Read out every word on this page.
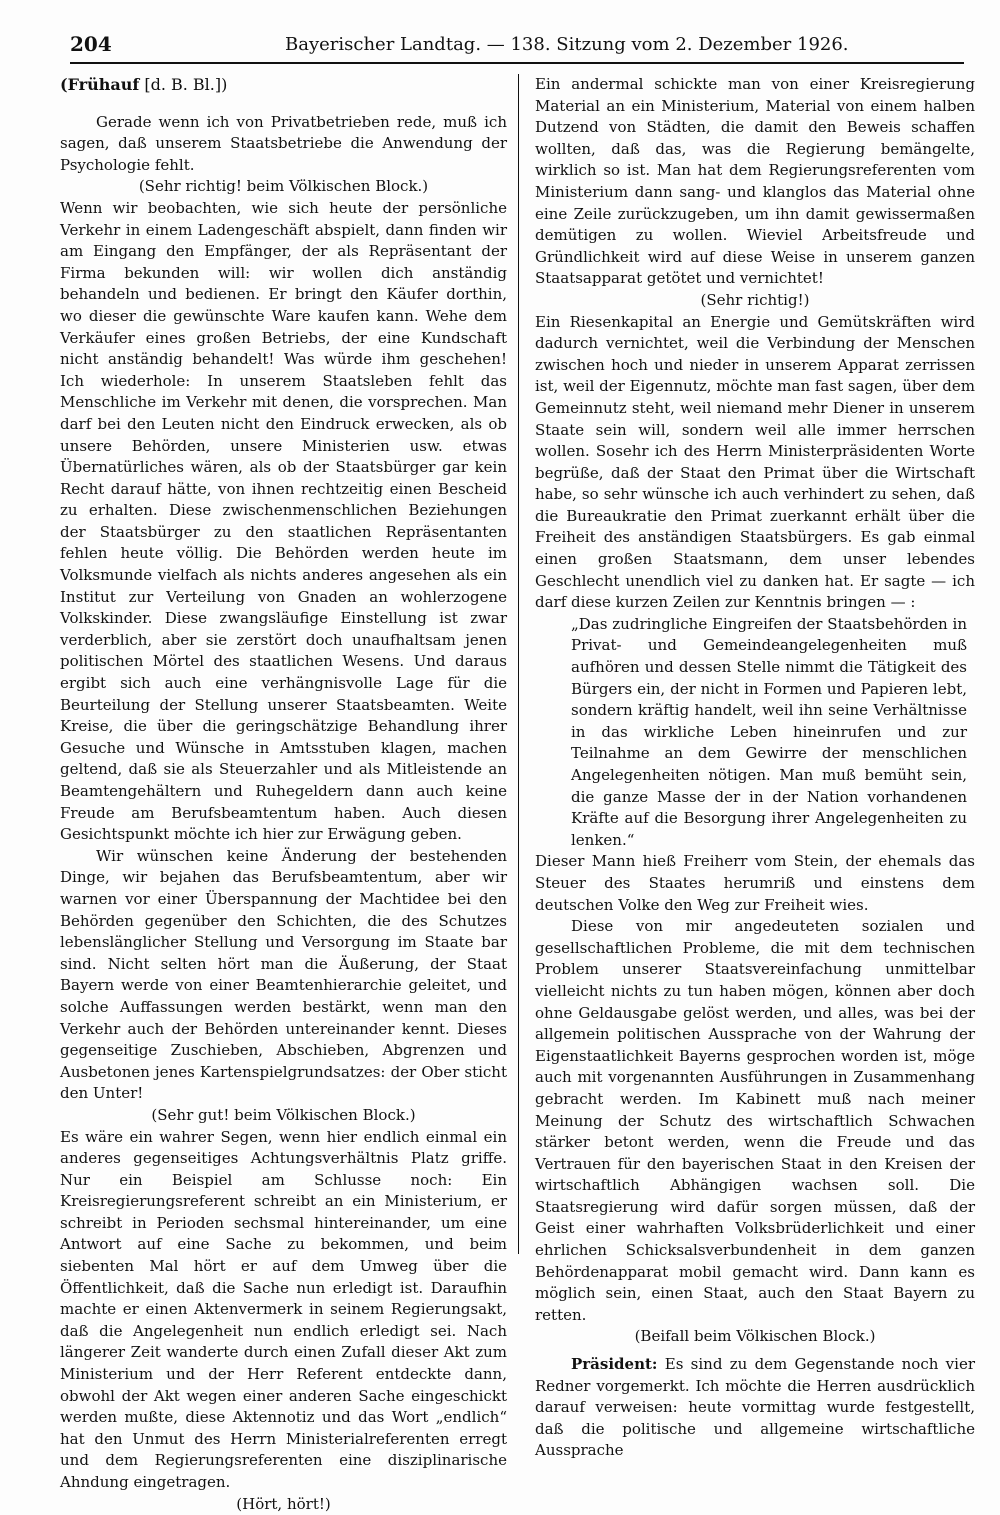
204	Bayerischer Landtag. — 138. Sitzung vom 2. Dezember 1926.
(Frühauf [d. B. Bl.])

Gerade wenn ich von Privatbetrieben rede, muß ich sagen, daß unserem Staatsbetriebe die Anwendung der Psychologie fehlt.

(Sehr richtig! beim Völkischen Block.)

Wenn wir beobachten, wie sich heute der persönliche Verkehr in einem Ladengeschäft abspielt, dann finden wir am Eingang den Empfänger, der als Repräsentant der Firma bekunden will: wir wollen dich anständig behandeln und bedienen. Er bringt den Käufer dorthin, wo dieser die gewünschte Ware kaufen kann. Wehe dem Verkäufer eines großen Betriebs, der eine Kundschaft nicht anständig behandelt! Was würde ihm geschehen! Ich wiederhole: In unserem Staatsleben fehlt das Menschliche im Verkehr mit denen, die vorsprechen. Man darf bei den Leuten nicht den Eindruck erwecken, als ob unsere Behörden, unsere Ministerien usw. etwas Übernatürliches wären, als ob der Staatsbürger gar kein Recht darauf hätte, von ihnen rechtzeitig einen Bescheid zu erhalten. Diese zwischenmenschlichen Beziehungen der Staatsbürger zu den staatlichen Repräsentanten fehlen heute völlig. Die Behörden werden heute im Volksmunde vielfach als nichts anderes angesehen als ein Institut zur Verteilung von Gnaden an wohlerzogene Volkskinder. Diese zwangsläufige Einstellung ist zwar verderblich, aber sie zerstört doch unaufhaltsam jenen politischen Mörtel des staatlichen Wesens. Und daraus ergibt sich auch eine verhängnisvolle Lage für die Beurteilung der Stellung unserer Staatsbeamten. Weite Kreise, die über die geringschätzige Behandlung ihrer Gesuche und Wünsche in Amtsstuben klagen, machen geltend, daß sie als Steuerzahler und als Mitleistende an Beamtengehältern und Ruhegeldern dann auch keine Freude am Berufsbeamtentum haben. Auch diesen Gesichtspunkt möchte ich hier zur Erwägung geben.

Wir wünschen keine Änderung der bestehenden Dinge, wir bejahen das Berufsbeamtentum, aber wir warnen vor einer Überspannung der Machtidee bei den Behörden gegenüber den Schichten, die des Schutzes lebenslänglicher Stellung und Versorgung im Staate bar sind. Nicht selten hört man die Äußerung, der Staat Bayern werde von einer Beamtenhierarchie geleitet, und solche Auffassungen werden bestärkt, wenn man den Verkehr auch der Behörden untereinander kennt. Dieses gegenseitige Zuschieben, Abschieben, Abgrenzen und Ausbetonen jenes Kartenspielgrundsatzes: der Ober sticht den Unter!

(Sehr gut! beim Völkischen Block.)

Es wäre ein wahrer Segen, wenn hier endlich einmal ein anderes gegenseitiges Achtungsverhältnis Platz griffe. Nur ein Beispiel am Schlusse noch: Ein Kreisregierungsreferent schreibt an ein Ministerium, er schreibt in Perioden sechsmal hintereinander, um eine Antwort auf eine Sache zu bekommen, und beim siebenten Mal hört er auf dem Umweg über die Öffentlichkeit, daß die Sache nun erledigt ist. Daraufhin machte er einen Aktenvermerk in seinem Regierungsakt, daß die Angelegenheit nun endlich erledigt sei. Nach längerer Zeit wanderte durch einen Zufall dieser Akt zum Ministerium und der Herr Referent entdeckte dann, obwohl der Akt wegen einer anderen Sache eingeschickt werden mußte, diese Aktennotiz und das Wort „endlich“ hat den Unmut des Herrn Ministerialreferenten erregt und dem Regierungsreferenten eine disziplinarische Ahndung eingetragen.

(Hört, hört!)

Ein andermal schickte man von einer Kreisregierung Material an ein Ministerium, Material von einem halben Dutzend von Städten, die damit den Beweis schaffen wollten, daß das, was die Regierung bemängelte, wirklich so ist. Man hat dem Regierungsreferenten vom Ministerium dann sang- und klanglos das Material ohne eine Zeile zurückzugeben, um ihn damit gewissermaßen demütigen zu wollen. Wieviel Arbeitsfreude und Gründlichkeit wird auf diese Weise in unserem ganzen Staatsapparat getötet und vernichtet!

(Sehr richtig!)

Ein Riesenkapital an Energie und Gemütskräften wird dadurch vernichtet, weil die Verbindung der Menschen zwischen hoch und nieder in unserem Apparat zerrissen ist, weil der Eigennutz, möchte man fast sagen, über dem Gemeinnutz steht, weil niemand mehr Diener in unserem Staate sein will, sondern weil alle immer herrschen wollen. Sosehr ich des Herrn Ministerpräsidenten Worte begrüße, daß der Staat den Primat über die Wirtschaft habe, so sehr wünsche ich auch verhindert zu sehen, daß die Bureaukratie den Primat zuerkannt erhält über die Freiheit des anständigen Staatsbürgers. Es gab einmal einen großen Staatsmann, dem unser lebendes Geschlecht unendlich viel zu danken hat. Er sagte — ich darf diese kurzen Zeilen zur Kenntnis bringen — :

„Das zudringliche Eingreifen der Staatsbehörden in Privat- und Gemeindeangelegenheiten muß aufhören und dessen Stelle nimmt die Tätigkeit des Bürgers ein, der nicht in Formen und Papieren lebt, sondern kräftig handelt, weil ihn seine Verhältnisse in das wirkliche Leben hineinrufen und zur Teilnahme an dem Gewirre der menschlichen Angelegenheiten nötigen. Man muß bemüht sein, die ganze Masse der in der Nation vorhandenen Kräfte auf die Besorgung ihrer Angelegenheiten zu lenken.“

Dieser Mann hieß Freiherr vom Stein, der ehemals das Steuer des Staates herumriß und einstens dem deutschen Volke den Weg zur Freiheit wies.

Diese von mir angedeuteten sozialen und gesellschaftlichen Probleme, die mit dem technischen Problem unserer Staatsvereinfachung unmittelbar vielleicht nichts zu tun haben mögen, können aber doch ohne Geldausgabe gelöst werden, und alles, was bei der allgemein politischen Aussprache von der Wahrung der Eigenstaatlichkeit Bayerns gesprochen worden ist, möge auch mit vorgenannten Ausführungen in Zusammenhang gebracht werden. Im Kabinett muß nach meiner Meinung der Schutz des wirtschaftlich Schwachen stärker betont werden, wenn die Freude und das Vertrauen für den bayerischen Staat in den Kreisen der wirtschaftlich Abhängigen wachsen soll. Die Staatsregierung wird dafür sorgen müssen, daß der Geist einer wahrhaften Volksbrüderlichkeit und einer ehrlichen Schicksalsverbundenheit in dem ganzen Behördenapparat mobil gemacht wird. Dann kann es möglich sein, einen Staat, auch den Staat Bayern zu retten.

(Beifall beim Völkischen Block.)

Präsident: Es sind zu dem Gegenstande noch vier Redner vorgemerkt. Ich möchte die Herren ausdrücklich darauf verweisen: heute vormittag wurde festgestellt, daß die politische und allgemeine wirtschaftliche Aussprache
